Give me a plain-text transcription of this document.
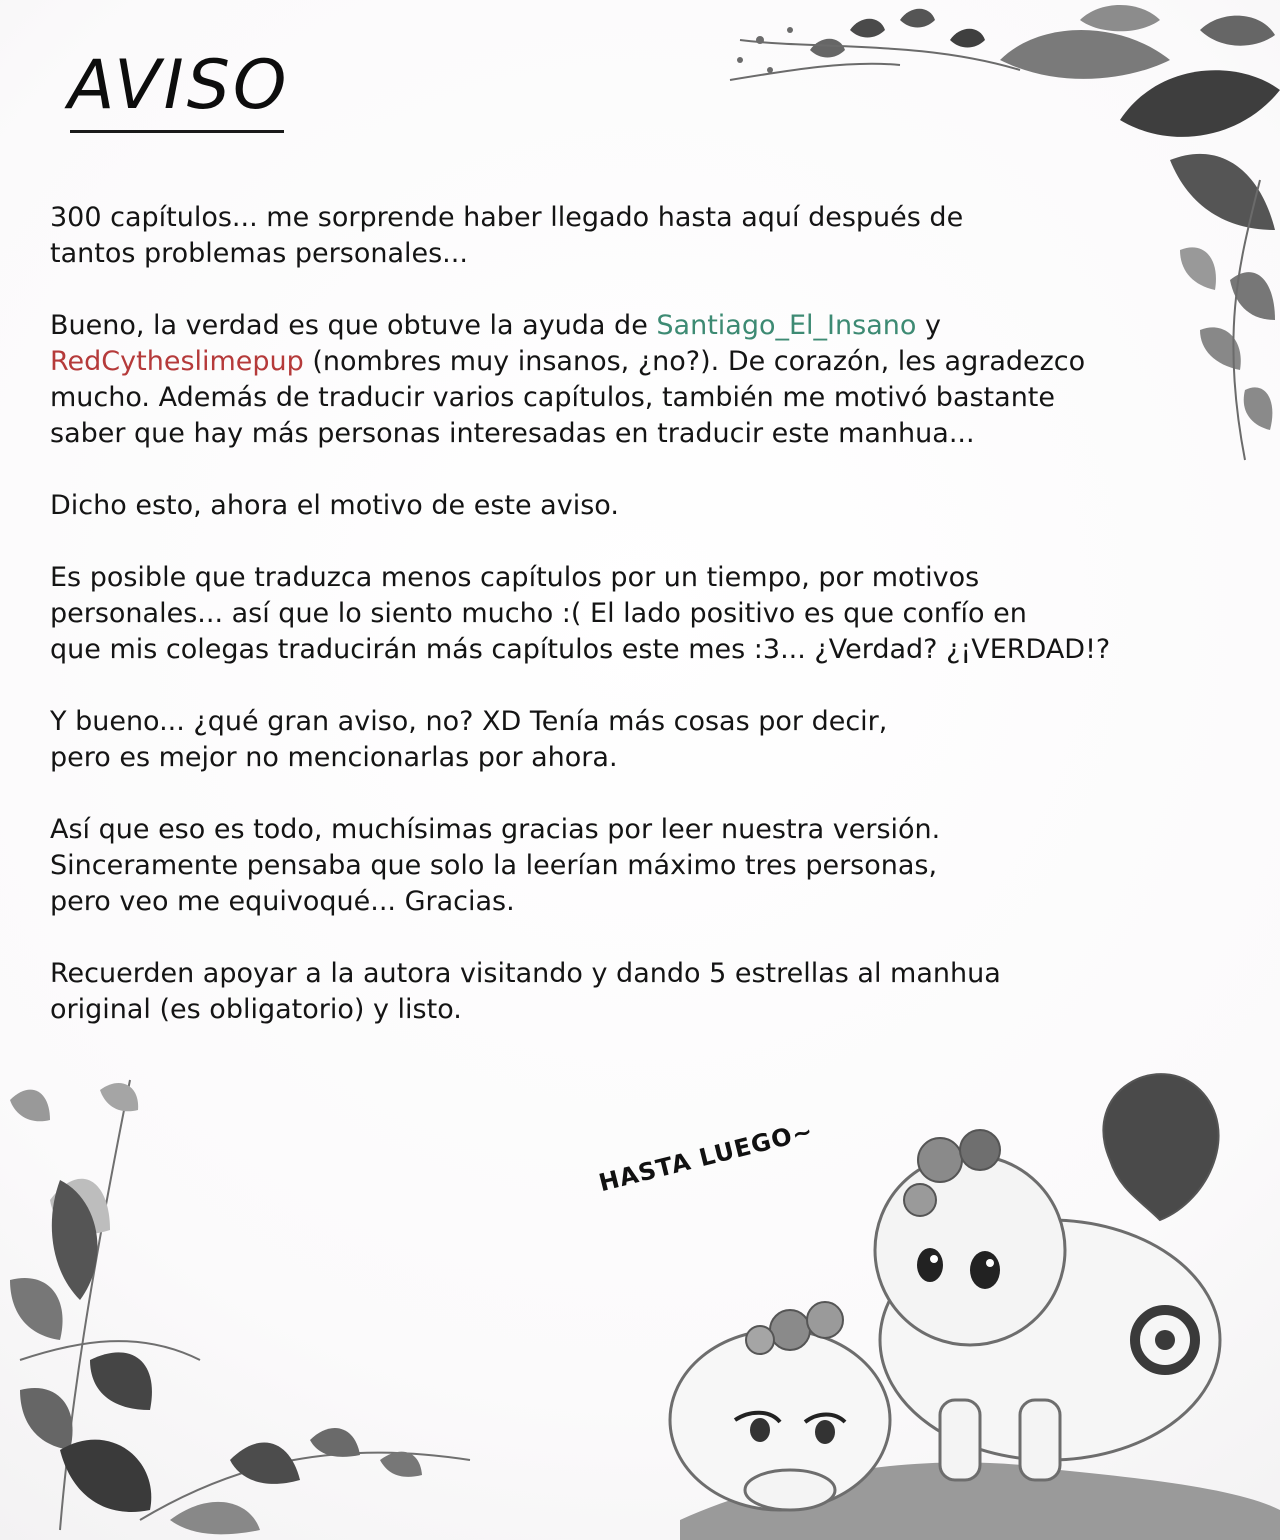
AVISO

300 capítulos... me sorprende haber llegado hasta aquí después de
tantos problemas personales...

Bueno, la verdad es que obtuve la ayuda de Santiago_El_Insano y
RedCytheslimepup (nombres muy insanos, ¿no?). De corazón, les agradezco
mucho. Además de traducir varios capítulos, también me motivó bastante
saber que hay más personas interesadas en traducir este manhua...

Dicho esto, ahora el motivo de este aviso.

Es posible que traduzca menos capítulos por un tiempo, por motivos
personales... así que lo siento mucho :( El lado positivo es que confío en
que mis colegas traducirán más capítulos este mes :3... ¿Verdad? ¿¡VERDAD!?

Y bueno... ¿qué gran aviso, no? XD Tenía más cosas por decir,
pero es mejor no mencionarlas por ahora.

Así que eso es todo, muchísimas gracias por leer nuestra versión.
Sinceramente pensaba que solo la leerían máximo tres personas,
pero veo me equivoqué... Gracias.

Recuerden apoyar a la autora visitando y dando 5 estrellas al manhua
original (es obligatorio) y listo.

HASTA LUEGO~
